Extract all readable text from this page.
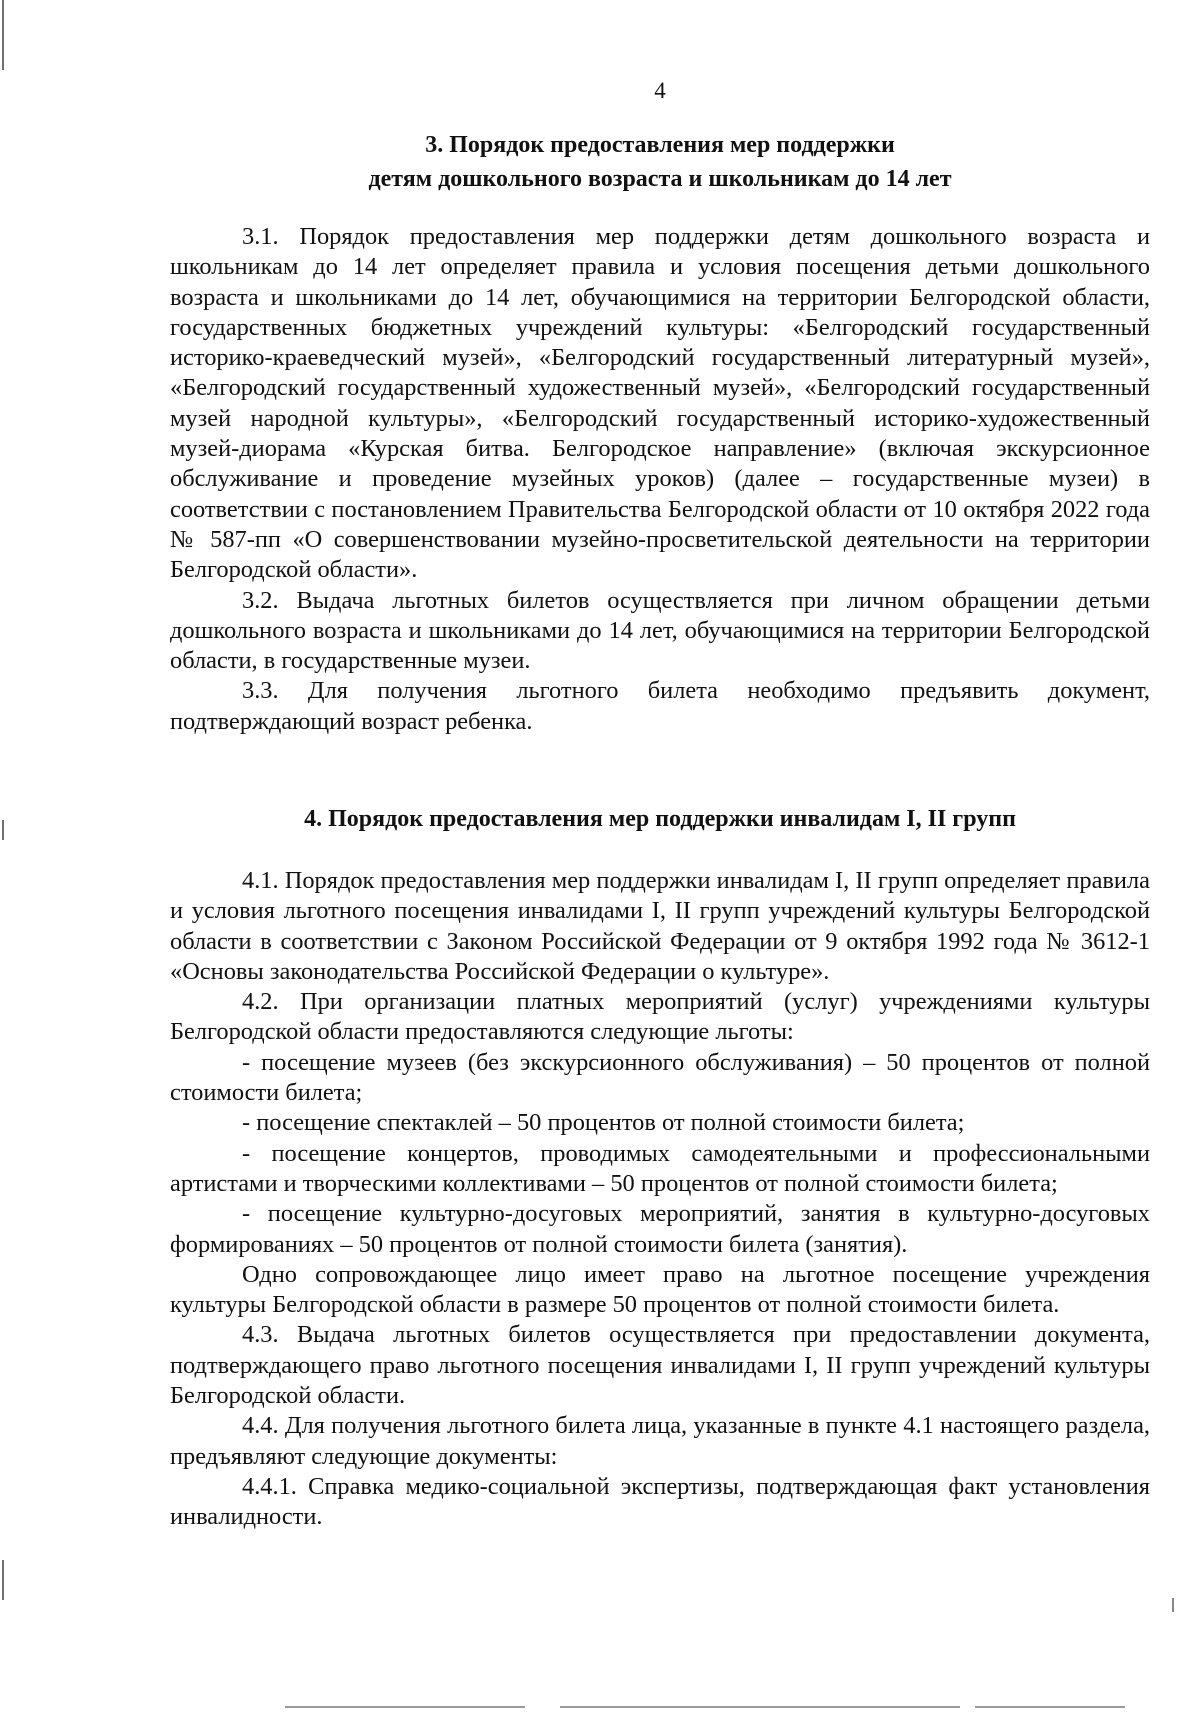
4
3. Порядок предоставления мер поддержки
детям дошкольного возраста и школьникам до 14 лет

3.1. Порядок предоставления мер поддержки детям дошкольного возраста и школьникам до 14 лет определяет правила и условия посещения детьми дошкольного возраста и школьниками до 14 лет, обучающимися на территории Белгородской области, государственных бюджетных учреждений культуры: «Белгородский государственный историко-краеведческий музей», «Белгородский государственный литературный музей», «Белгородский государственный художественный музей», «Белгородский государственный музей народной культуры», «Белгородский государственный историко-художественный музей-диорама «Курская битва. Белгородское направление» (включая экскурсионное обслуживание и проведение музейных уроков) (далее – государственные музеи) в соответствии с постановлением Правительства Белгородской области от 10 октября 2022 года № 587-пп «О совершенствовании музейно-просветительской деятельности на территории Белгородской области».

3.2. Выдача льготных билетов осуществляется при личном обращении детьми дошкольного возраста и школьниками до 14 лет, обучающимися на территории Белгородской области, в государственные музеи.

3.3. Для получения льготного билета необходимо предъявить документ, подтверждающий возраст ребенка.

4. Порядок предоставления мер поддержки инвалидам I, II групп

4.1. Порядок предоставления мер поддержки инвалидам I, II групп определяет правила и условия льготного посещения инвалидами I, II групп учреждений культуры Белгородской области в соответствии с Законом Российской Федерации от 9 октября 1992 года № 3612-1 «Основы законодательства Российской Федерации о культуре».

4.2. При организации платных мероприятий (услуг) учреждениями культуры Белгородской области предоставляются следующие льготы:

- посещение музеев (без экскурсионного обслуживания) – 50 процентов от полной стоимости билета;

- посещение спектаклей – 50 процентов от полной стоимости билета;

- посещение концертов, проводимых самодеятельными и профессиональными артистами и творческими коллективами – 50 процентов от полной стоимости билета;

- посещение культурно-досуговых мероприятий, занятия в культурно-досуговых формированиях – 50 процентов от полной стоимости билета (занятия).

Одно сопровождающее лицо имеет право на льготное посещение учреждения культуры Белгородской области в размере 50 процентов от полной стоимости билета.

4.3. Выдача льготных билетов осуществляется при предоставлении документа, подтверждающего право льготного посещения инвалидами I, II групп учреждений культуры Белгородской области.

4.4. Для получения льготного билета лица, указанные в пункте 4.1 настоящего раздела, предъявляют следующие документы:

4.4.1. Справка медико-социальной экспертизы, подтверждающая факт установления инвалидности.
